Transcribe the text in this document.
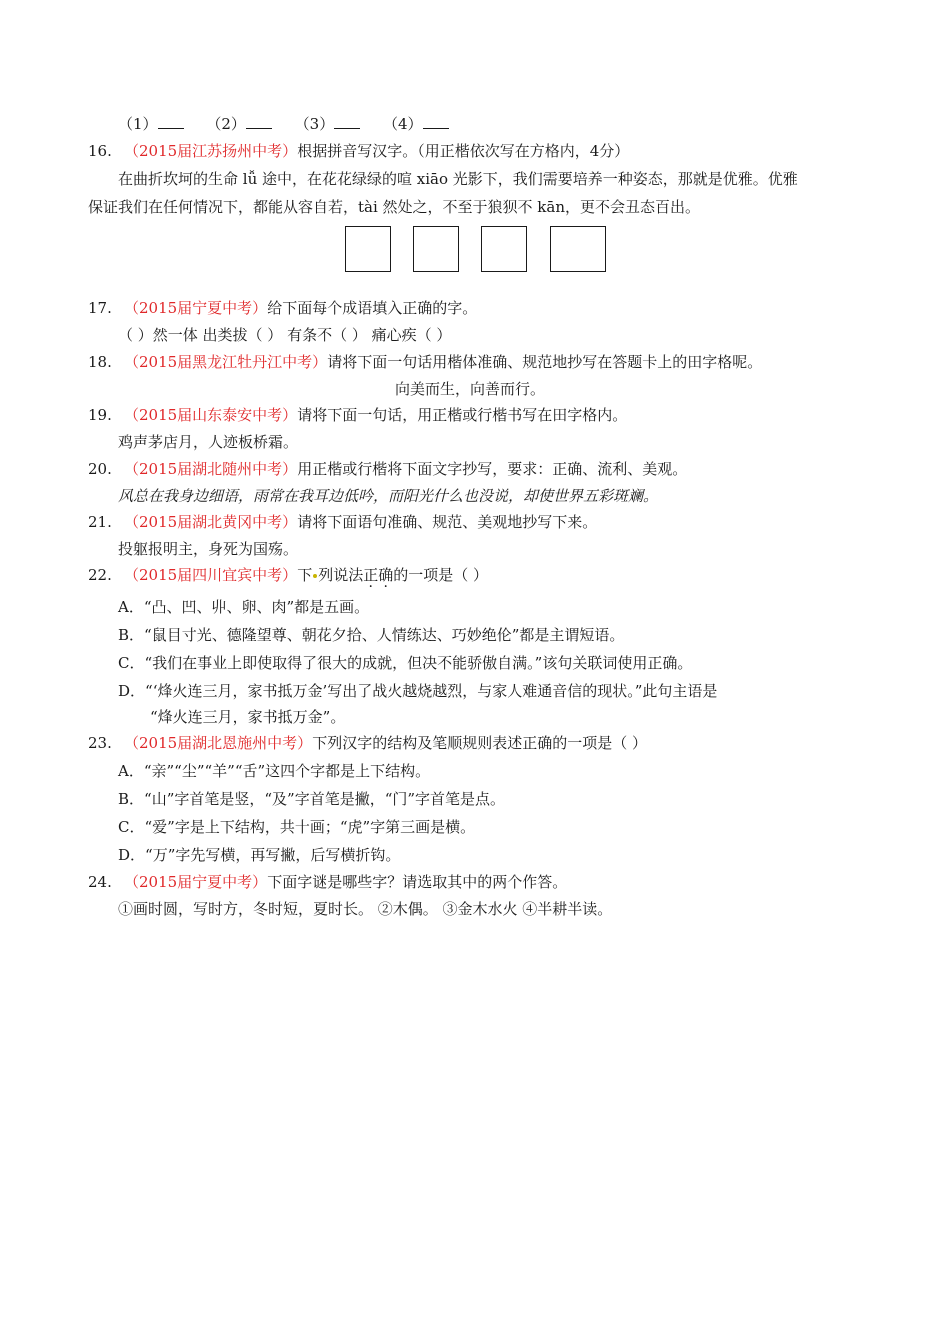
（1）	（2）	（3）	（4）
16. （2015届江苏扬州中考）根据拼音写汉字。（用正楷依次写在方格内，4分）
在曲折坎坷的生命 lǚ 途中，在花花绿绿的喧 xiāo 光影下，我们需要培养一种姿态，那就是优雅。优雅
保证我们在任何情况下，都能从容自若，tài 然处之，不至于狼狈不 kān，更不会丑态百出。
17. （2015届宁夏中考）给下面每个成语填入正确的字。
（ ）然一体 出类拔（ ） 有条不（ ） 痛心疾（ ）
18. （2015届黑龙江牡丹江中考）请将下面一句话用楷体准确、规范地抄写在答题卡上的田字格呢。
向美而生，向善而行。
19. （2015届山东泰安中考）请将下面一句话，用正楷或行楷书写在田字格内。
鸡声茅店月，人迹板桥霜。
20. （2015届湖北随州中考）用正楷或行楷将下面文字抄写，要求：正确、流利、美观。
风总在我身边细语，雨常在我耳边低吟，而阳光什么也没说，却使世界五彩斑斓。
21. （2015届湖北黄冈中考）请将下面语句准确、规范、美观地抄写下来。
投躯报明主，身死为国殇。
22. （2015届四川宜宾中考）下 列说法正确的一项是（ ）
A．“凸、凹、丱、卵、肉”都是五画。
B．“鼠目寸光、德隆望尊、朝花夕拾、人情练达、巧妙绝伦”都是主谓短语。
C．“我们在事业上即使取得了很大的成就，但决不能骄傲自满。”该句关联词使用正确。
D．“‘烽火连三月，家书抵万金’写出了战火越烧越烈，与家人难通音信的现状。”此句主语是
“烽火连三月，家书抵万金”。
23. （2015届湖北恩施州中考）下列汉字的结构及笔顺规则表述正确的一项是（ ）
A．“亲”“尘”“羊”“舌”这四个字都是上下结构。
B．“山”字首笔是竖，“及”字首笔是撇，“门”字首笔是点。
C．“爱”字是上下结构，共十画；“虎”字第三画是横。
D．“万”字先写横，再写撇，后写横折钩。
24. （2015届宁夏中考）下面字谜是哪些字？请选取其中的两个作答。
①画时圆，写时方，冬时短，夏时长。 ②木偶。 ③金木水火 ④半耕半读。
